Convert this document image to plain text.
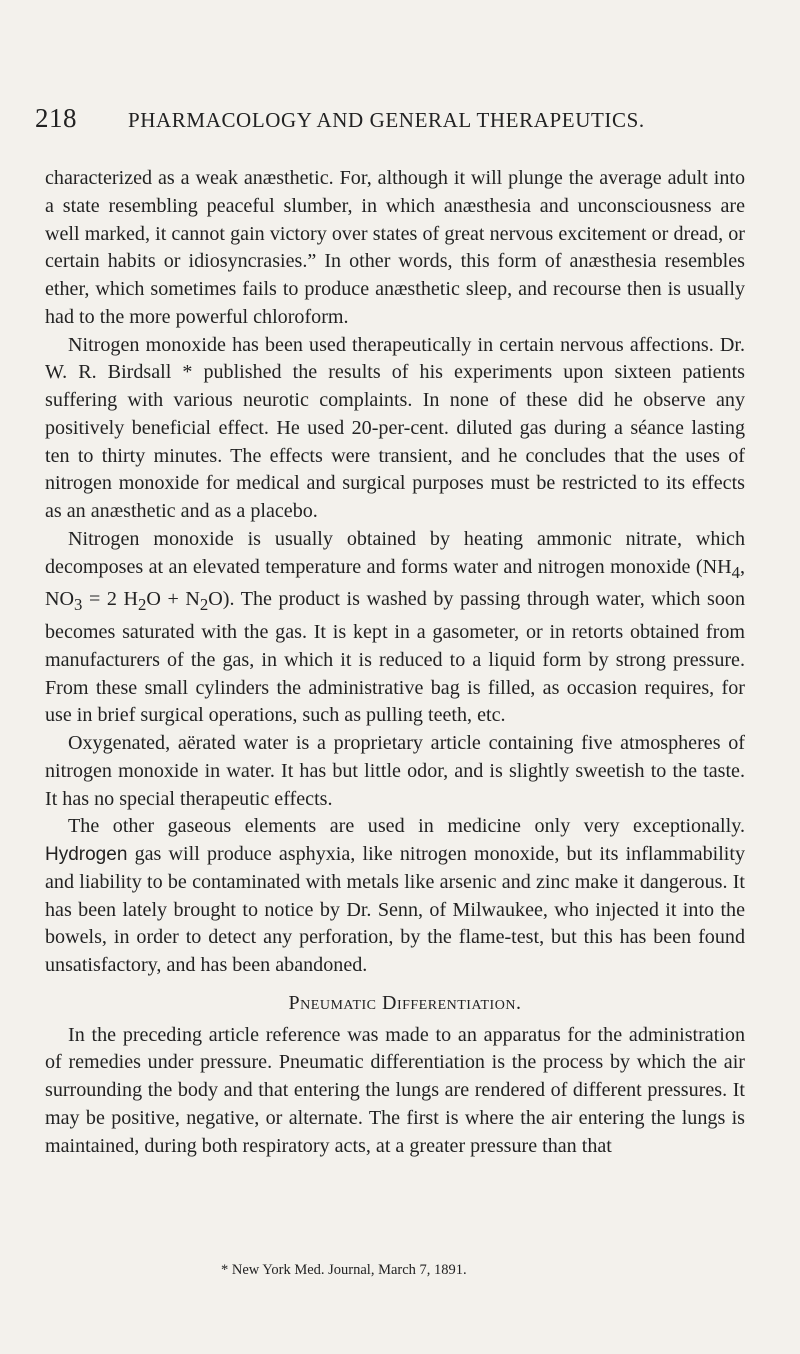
218 PHARMACOLOGY AND GENERAL THERAPEUTICS.

characterized as a weak anæsthetic. For, although it will plunge the average adult into a state resembling peaceful slumber, in which anæsthesia and unconsciousness are well marked, it cannot gain victory over states of great nervous excitement or dread, or certain habits or idiosyncrasies.” In other words, this form of anæsthesia resembles ether, which sometimes fails to produce anæsthetic sleep, and recourse then is usually had to the more powerful chloroform.

Nitrogen monoxide has been used therapeutically in certain nervous affections. Dr. W. R. Birdsall * published the results of his experiments upon sixteen patients suffering with various neurotic complaints. In none of these did he observe any positively beneficial effect. He used 20-per-cent. diluted gas during a séance lasting ten to thirty minutes. The effects were transient, and he concludes that the uses of nitrogen monoxide for medical and surgical purposes must be restricted to its effects as an anæsthetic and as a placebo.

Nitrogen monoxide is usually obtained by heating ammonic nitrate, which decomposes at an elevated temperature and forms water and nitrogen monoxide ($NH_4$, $NO_3 = 2$ $H_2O + N_2O$). The product is washed by passing through water, which soon becomes saturated with the gas. It is kept in a gasometer, or in retorts obtained from manufacturers of the gas, in which it is reduced to a liquid form by strong pressure. From these small cylinders the administrative bag is filled, as occasion requires, for use in brief surgical operations, such as pulling teeth, etc.

Oxygenated, aërated water is a proprietary article containing five atmospheres of nitrogen monoxide in water. It has but little odor, and is slightly sweetish to the taste. It has no special therapeutic effects.

The other gaseous elements are used in medicine only very exceptionally. Hydrogen gas will produce asphyxia, like nitrogen monoxide, but its inflammability and liability to be contaminated with metals like arsenic and zinc make it dangerous. It has been lately brought to notice by Dr. Senn, of Milwaukee, who injected it into the bowels, in order to detect any perforation, by the flame-test, but this has been found unsatisfactory, and has been abandoned.

Pneumatic Differentiation.

In the preceding article reference was made to an apparatus for the administration of remedies under pressure. Pneumatic differentiation is the process by which the air surrounding the body and that entering the lungs are rendered of different pressures. It may be positive, negative, or alternate. The first is where the air entering the lungs is maintained, during both respiratory acts, at a greater pressure than that

* New York Med. Journal, March 7, 1891.
